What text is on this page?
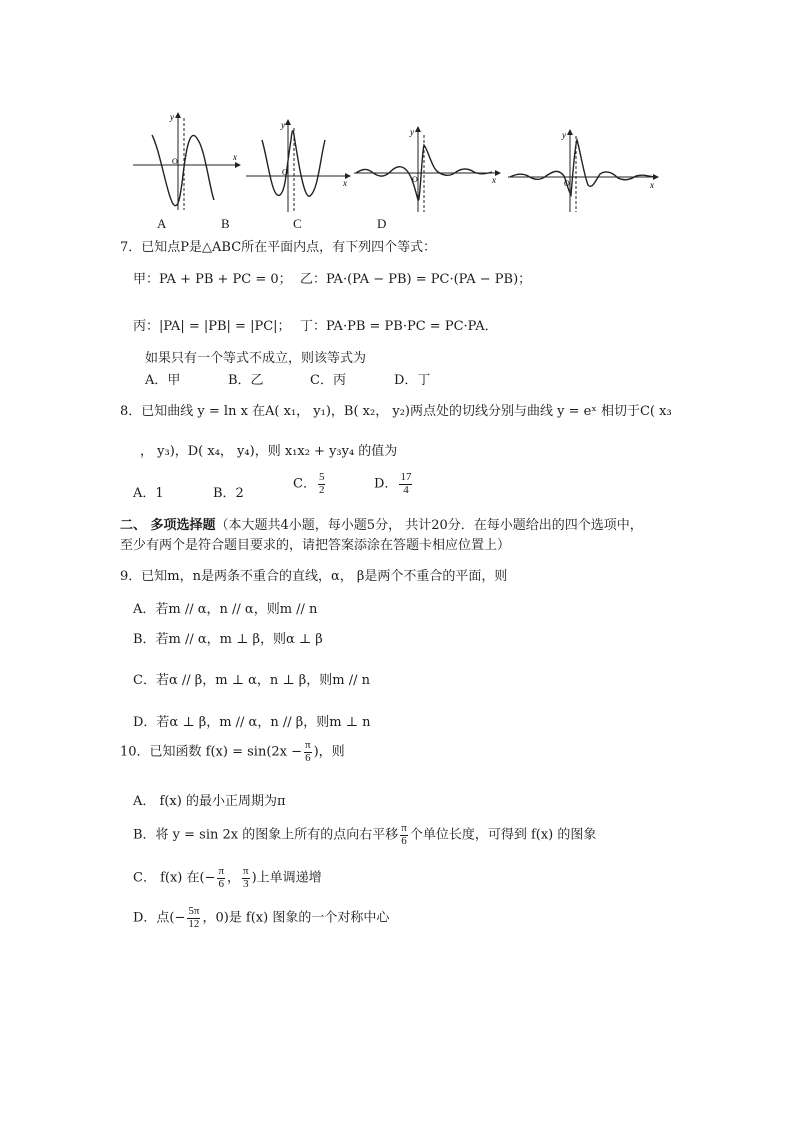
y
x
O
y
x
O
y
x
O
y
x
O
A	B	C	D
7．已知点P是△ABC所在平面内点，有下列四个等式：
甲：PA + PB + PC = 0； 乙：PA·(PA − PB) = PC·(PA − PB)；
丙：|PA| = |PB| = |PC|； 丁：PA·PB = PB·PC = PC·PA．
如果只有一个等式不成立，则该等式为
A．甲	B．乙	C．丙	D．丁
8．已知曲线 y = ln x 在A( x₁， y₁)，B( x₂， y₂)两点处的切线分别与曲线 y = eˣ 相切于C( x₃
， y₃)，D( x₄， y₄)，则 x₁x₂ + y₃y₄ 的值为
A．1	B．2
C． $\frac{5}{2}$	D． $\frac{17}{4}$
二、 多项选择题（本大题共4小题，每小题5分， 共计20分．在每小题给出的四个选项中，
至少有两个是符合题目要求的，请把答案添涂在答题卡相应位置上）
9．已知m，n是两条不重合的直线，α， β是两个不重合的平面，则
A．若m // α，n // α，则m // n
B．若m // α，m ⊥ β，则α ⊥ β
C．若α // β，m ⊥ α，n ⊥ β，则m // n
D．若α ⊥ β，m // α，n // β，则m ⊥ n
10．已知函数 $f(x) = \sin(2x - \frac{\pi}{6}$ )，则
A． f(x) 的最小正周期为π
B．将 y = sin 2x 的图象上所有的点向右平移 $\frac{\pi}{6}$ 个单位长度，可得到 f(x) 的图象
C． f(x) 在(− $\frac{\pi}{6}$ ， $\frac{\pi}{3}$ )上单调递增
D．点(− $\frac{5\pi}{12}$ ，0)是 f(x) 图象的一个对称中心
